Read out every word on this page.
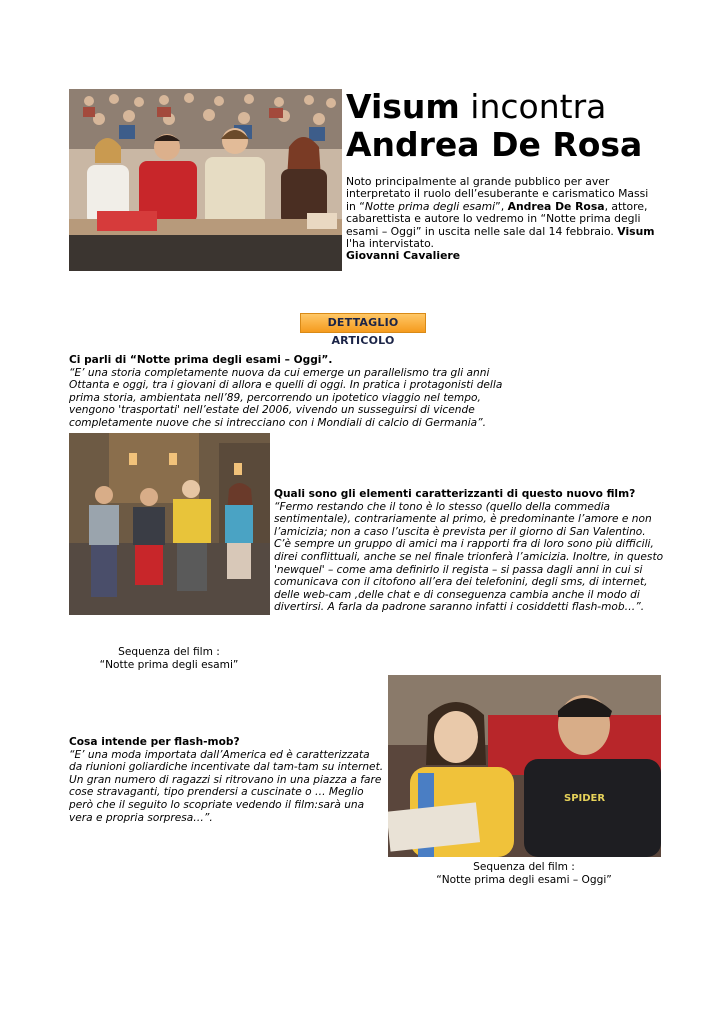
Visum incontra
Andrea De Rosa
Noto principalmente al grande pubblico per aver interpretato il ruolo dell’esuberante e carismatico Massi in “Notte prima degli esami”, Andrea De Rosa, attore, cabarettista e autore lo vedremo in “Notte prima degli esami – Oggi” in uscita nelle sale dal 14 febbraio. Visum l'ha intervistato.
Giovanni Cavaliere
DETTAGLIO ARTICOLO
Ci parli di “Notte prima degli esami – Oggi”.
“E’ una storia completamente nuova da cui emerge un parallelismo tra gli anni Ottanta e oggi, tra i giovani di allora e quelli di oggi. In pratica i protagonisti della prima storia, ambientata nell’89, percorrendo un ipotetico viaggio nel tempo, vengono 'trasportati' nell’estate del 2006, vivendo un susseguirsi di vicende completamente nuove che si intrecciano con i Mondiali di calcio di Germania”.
Quali sono gli elementi caratterizzanti di questo nuovo film?
“Fermo restando che il tono è lo stesso (quello della commedia sentimentale), contrariamente al primo, è predominante l’amore e non l’amicizia; non a caso l’uscita è prevista per il giorno di San Valentino. C’è sempre un gruppo di amici ma i rapporti fra di loro sono più difficili, direi conflittuali, anche se nel finale trionferà l’amicizia. Inoltre, in questo 'newquel' – come ama definirlo il regista – si passa dagli anni in cui si comunicava con il citofono all’era dei telefonini, degli sms, di internet, delle web-cam ,delle chat e di conseguenza cambia anche il modo di divertirsi. A farla da padrone saranno infatti i cosiddetti flash-mob…”.
Sequenza del film :
“Notte prima degli esami”
SPIDER
Cosa intende per flash-mob?
“E’ una moda importata dall’America ed è caratterizzata da riunioni goliardiche incentivate dal tam-tam su internet. Un gran numero di ragazzi si ritrovano in una piazza a fare cose stravaganti, tipo prendersi a cuscinate o … Meglio però che il seguito lo scopriate vedendo il film:sarà una vera e propria sorpresa…”.
Sequenza del film :
“Notte prima degli esami – Oggi”
